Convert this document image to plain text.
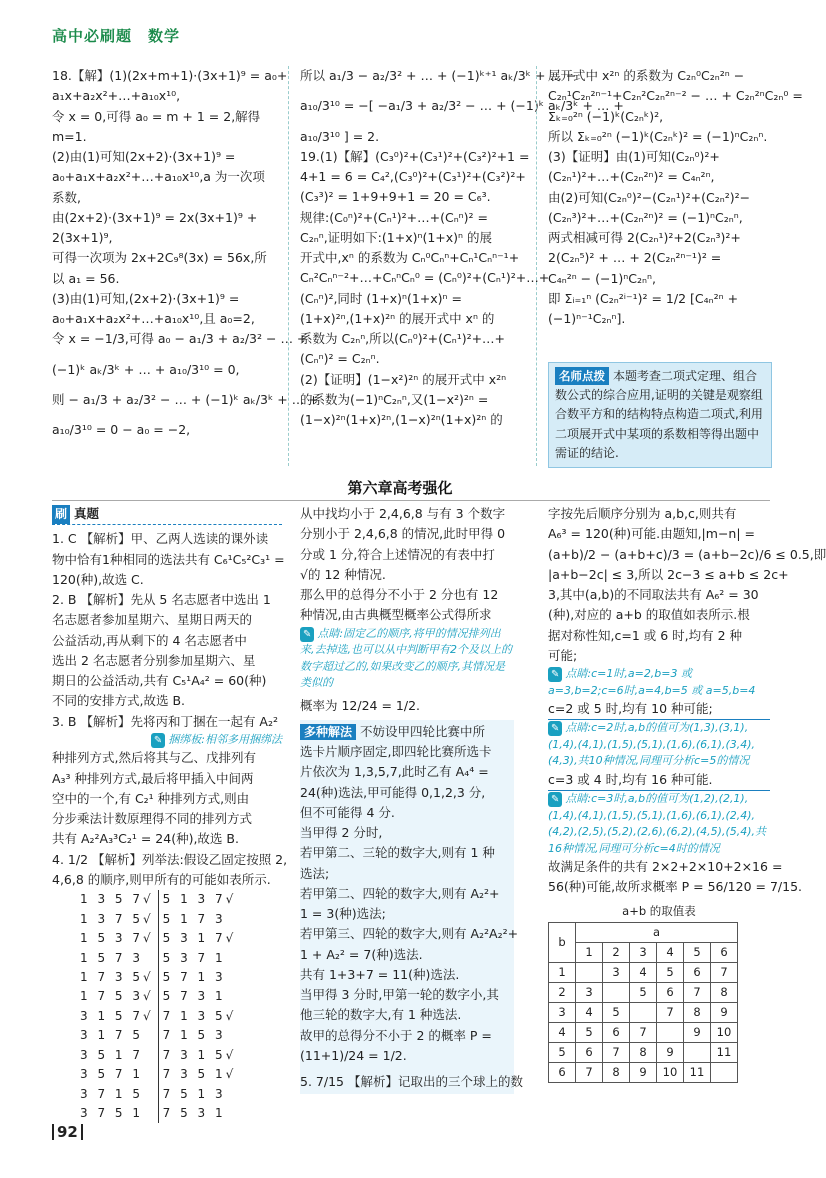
高中必刷题　数学
18.【解】(1)(2x+m+1)·(3x+1)⁹ = a₀+
a₁x+a₂x²+…+a₁₀x¹⁰,
令 x = 0,可得 a₀ = m + 1 = 2,解得
m=1.
(2)由(1)可知(2x+2)·(3x+1)⁹ =
a₀+a₁x+a₂x²+…+a₁₀x¹⁰,a 为一次项
系数,
由(2x+2)·(3x+1)⁹ = 2x(3x+1)⁹ +
2(3x+1)⁹,
可得一次项为 2x+2C₉⁸(3x) = 56x,所
以 a₁ = 56.
(3)由(1)可知,(2x+2)·(3x+1)⁹ =
a₀+a₁x+a₂x²+…+a₁₀x¹⁰,且 a₀=2,
令 x = −1/3,可得 a₀ − a₁/3 + a₂/3² − … +

(−1)ᵏ aₖ/3ᵏ + … + a₁₀/3¹⁰ = 0,

则 − a₁/3 + a₂/3² − … + (−1)ᵏ aₖ/3ᵏ + … +

a₁₀/3¹⁰ = 0 − a₀ = −2,
所以 a₁/3 − a₂/3² + … + (−1)ᵏ⁺¹ aₖ/3ᵏ + … −

a₁₀/3¹⁰ = −[ −a₁/3 + a₂/3² − … + (−1)ᵏ aₖ/3ᵏ + … +

a₁₀/3¹⁰ ] = 2.
19.(1)【解】(C₃⁰)²+(C₃¹)²+(C₃²)²+1 =
4+1 = 6 = C₄²,(C₃⁰)²+(C₃¹)²+(C₃²)²+
(C₃³)² = 1+9+9+1 = 20 = C₆³.
规律:(C₀ⁿ)²+(Cₙ¹)²+…+(Cₙⁿ)² =
C₂ₙⁿ,证明如下:(1+x)ⁿ(1+x)ⁿ 的展
开式中,xⁿ 的系数为 Cₙ⁰Cₙⁿ+Cₙ¹Cₙⁿ⁻¹+
Cₙ²Cₙⁿ⁻²+…+CₙⁿCₙ⁰ = (Cₙ⁰)²+(Cₙ¹)²+…+
(Cₙⁿ)²,同时 (1+x)ⁿ(1+x)ⁿ =
(1+x)²ⁿ,(1+x)²ⁿ 的展开式中 xⁿ 的
系数为 C₂ₙⁿ,所以(Cₙ⁰)²+(Cₙ¹)²+…+
(Cₙⁿ)² = C₂ₙⁿ.
(2)【证明】(1−x²)²ⁿ 的展开式中 x²ⁿ
的系数为(−1)ⁿC₂ₙⁿ,又(1−x²)²ⁿ =
(1−x)²ⁿ(1+x)²ⁿ,(1−x)²ⁿ(1+x)²ⁿ 的
展开式中 x²ⁿ 的系数为 C₂ₙ⁰C₂ₙ²ⁿ −
C₂ₙ¹C₂ₙ²ⁿ⁻¹+C₂ₙ²C₂ₙ²ⁿ⁻² − … + C₂ₙ²ⁿC₂ₙ⁰ =
Σₖ₌₀²ⁿ (−1)ᵏ(C₂ₙᵏ)²,
所以 Σₖ₌₀²ⁿ (−1)ᵏ(C₂ₙᵏ)² = (−1)ⁿC₂ₙⁿ.
(3)【证明】由(1)可知(C₂ₙ⁰)²+
(C₂ₙ¹)²+…+(C₂ₙ²ⁿ)² = C₄ₙ²ⁿ,
由(2)可知(C₂ₙ⁰)²−(C₂ₙ¹)²+(C₂ₙ²)²−
(C₂ₙ³)²+…+(C₂ₙ²ⁿ)² = (−1)ⁿC₂ₙⁿ,
两式相减可得 2(C₂ₙ¹)²+2(C₂ₙ³)²+
2(C₂ₙ⁵)² + … + 2(C₂ₙ²ⁿ⁻¹)² =
C₄ₙ²ⁿ − (−1)ⁿC₂ₙⁿ,
即 Σᵢ₌₁ⁿ (C₂ₙ²ⁱ⁻¹)² = 1/2 [C₄ₙ²ⁿ +
(−1)ⁿ⁻¹C₂ₙⁿ].
名师点拨 本题考查二项式定理、组合数公式的综合应用,证明的关键是观察组合数平方和的结构特点构造二项式,利用二项展开式中某项的系数相等得出题中需证的结论.
第六章高考强化
刷 真题
1. C 【解析】甲、乙两人选读的课外读
物中恰有1种相同的选法共有 C₆¹C₅²C₃¹ =
120(种),故选 C.
2. B 【解析】先从 5 名志愿者中选出 1
名志愿者参加星期六、星期日两天的
公益活动,再从剩下的 4 名志愿者中
选出 2 名志愿者分别参加星期六、星
期日的公益活动,共有 C₅¹A₄² = 60(种)
不同的安排方式,故选 B.
3. B 【解析】先将丙和丁捆在一起有 A₂²
✎ 捆绑板:相邻多用捆绑法
种排列方式,然后将其与乙、戊排列有
A₃³ 种排列方式,最后将甲插入中间两
空中的一个,有 C₂¹ 种排列方式,则由
分步乘法计数原理得不同的排列方式
共有 A₂²A₃³C₂¹ = 24(种),故选 B.
4. 1/2 【解析】列举法:假设乙固定按照 2,
4,6,8 的顺序,则甲所有的可能如表所示.
1 3 5 7√	5 1 3 7√
1 3 7 5√	5 1 7 3
1 5 3 7√	5 3 1 7√
1 5 7 3	5 3 7 1
1 7 3 5√	5 7 1 3
1 7 5 3√	5 7 3 1
3 1 5 7√	7 1 3 5√
3 1 7 5	7 1 5 3
3 5 1 7	7 3 1 5√
3 5 7 1	7 3 5 1√
3 7 1 5	7 5 1 3
3 7 5 1	7 5 3 1
从中找均小于 2,4,6,8 与有 3 个数字
分别小于 2,4,6,8 的情况,此时甲得 0
分或 1 分,符合上述情况的有表中打
√的 12 种情况.
那么甲的总得分不小于 2 分也有 12
种情况,由古典概型概率公式得所求
✎ 点睛:固定乙的顺序,将甲的情况排列出来,去掉选,也可以从中判断甲有2个及以上的数字超过乙的,如果改变乙的顺序,其情况是类似的
概率为 12/24 = 1/2.
多种解法 不妨设甲四轮比赛中所
选卡片顺序固定,即四轮比赛所选卡
片依次为 1,3,5,7,此时乙有 A₄⁴ =
24(种)选法,甲可能得 0,1,2,3 分,
但不可能得 4 分.
当甲得 2 分时,
若甲第二、三轮的数字大,则有 1 种
选法;
若甲第二、四轮的数字大,则有 A₂²+
1 = 3(种)选法;
若甲第三、四轮的数字大,则有 A₂²A₂²+
1 + A₂² = 7(种)选法.
共有 1+3+7 = 11(种)选法.
当甲得 3 分时,甲第一轮的数字小,其
他三轮的数字大,有 1 种选法.
故甲的总得分不小于 2 的概率 P =
(11+1)/24 = 1/2.

5. 7/15 【解析】记取出的三个球上的数
字按先后顺序分别为 a,b,c,则共有
A₆³ = 120(种)可能.由题知,|m−n| =
(a+b)/2 − (a+b+c)/3 = (a+b−2c)/6 ≤ 0.5,即
|a+b−2c| ≤ 3,所以 2c−3 ≤ a+b ≤ 2c+
3,其中(a,b)的不同取法共有 A₆² = 30
(种),对应的 a+b 的取值如表所示.根
据对称性知,c=1 或 6 时,均有 2 种
可能;
✎ 点睛:c=1时,a=2,b=3 或 a=3,b=2;c=6时,a=4,b=5 或 a=5,b=4
c=2 或 5 时,均有 10 种可能;
✎ 点睛:c=2时,a,b的值可为(1,3),(3,1),(1,4),(4,1),(1,5),(5,1),(1,6),(6,1),(3,4),(4,3),共10种情况,同理可分析c=5的情况
c=3 或 4 时,均有 16 种可能.
✎ 点睛:c=3时,a,b的值可为(1,2),(2,1),(1,4),(4,1),(1,5),(5,1),(1,6),(6,1),(2,4),(4,2),(2,5),(5,2),(2,6),(6,2),(4,5),(5,4),共16种情况,同理可分析c=4时的情况
故满足条件的共有 2×2+2×10+2×16 =
56(种)可能,故所求概率 P = 56/120 = 7/15.
a+b 的取值表
b	a					
	1	2	3	4	5	6
1		3	4	5	6	7
2	3		5	6	7	8
3	4	5		7	8	9
4	5	6	7		9	10
5	6	7	8	9		11
6	7	8	9	10	11	
92
